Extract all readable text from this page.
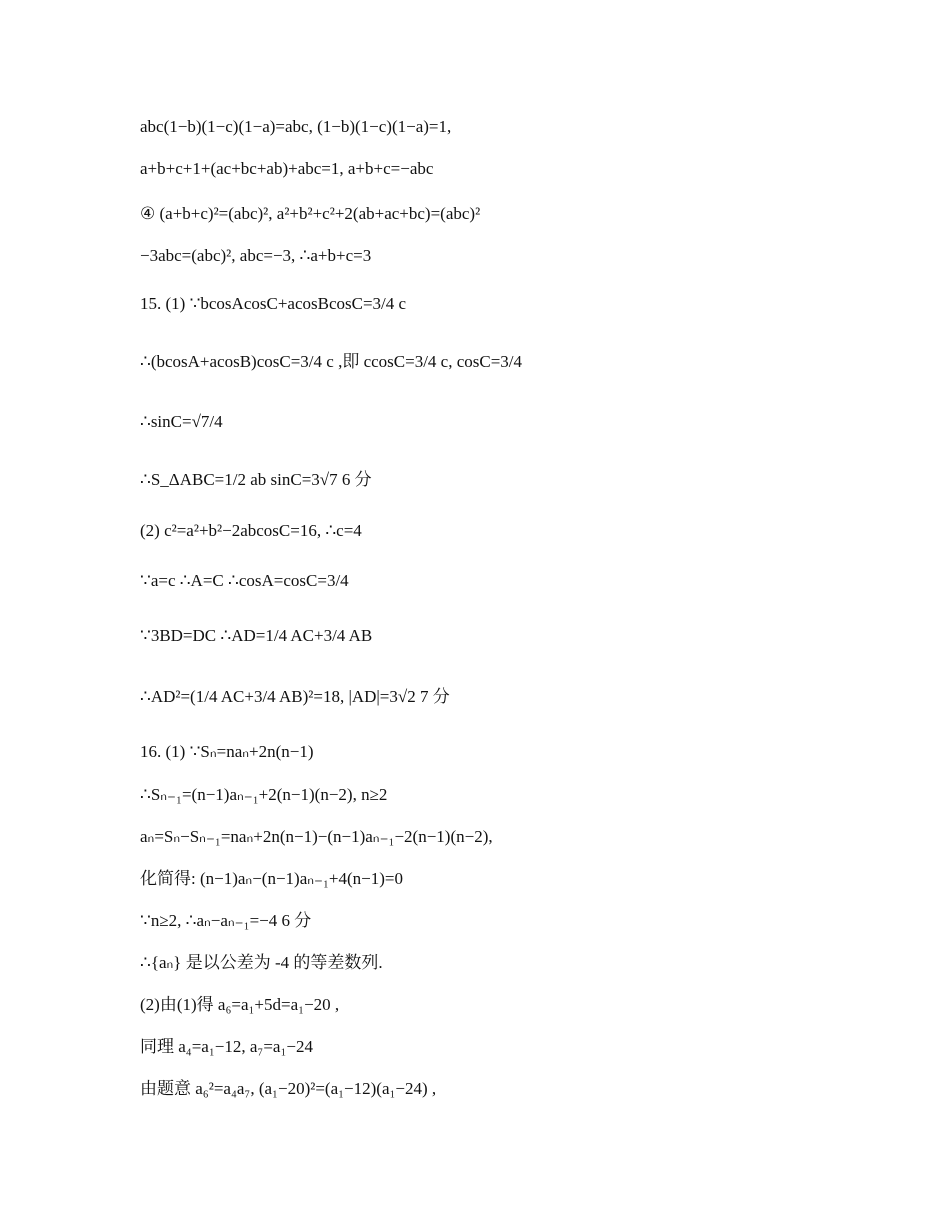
abc(1−b)(1−c)(1−a)=abc, (1−b)(1−c)(1−a)=1,
a+b+c+1+(ac+bc+ab)+abc=1, a+b+c=−abc
④ (a+b+c)²=(abc)², a²+b²+c²+2(ab+ac+bc)=(abc)²
−3abc=(abc)², abc=−3, ∴a+b+c=3
15. (1) ∵bcosAcosC+acosBcosC=3/4 c
∴(bcosA+acosB)cosC=3/4 c ,即 ccosC=3/4 c, cosC=3/4
∴sinC=√7/4
∴S_ΔABC=1/2 ab sinC=3√7 6 分
(2) c²=a²+b²−2abcosC=16, ∴c=4
∵a=c ∴A=C ∴cosA=cosC=3/4
∵3BD=DC ∴AD=1/4 AC+3/4 AB
∴AD²=(1/4 AC+3/4 AB)²=18, |AD|=3√2 7 分
16. (1) ∵Sₙ=naₙ+2n(n−1)
∴Sₙ₋₁=(n−1)aₙ₋₁+2(n−1)(n−2), n≥2
aₙ=Sₙ−Sₙ₋₁=naₙ+2n(n−1)−(n−1)aₙ₋₁−2(n−1)(n−2),
化简得: (n−1)aₙ−(n−1)aₙ₋₁+4(n−1)=0
∵n≥2, ∴aₙ−aₙ₋₁=−4 6 分
∴{aₙ} 是以公差为 -4 的等差数列.
(2)由(1)得 a₆=a₁+5d=a₁−20 ,
同理 a₄=a₁−12, a₇=a₁−24
由题意 a₆²=a₄a₇, (a₁−20)²=(a₁−12)(a₁−24) ,
